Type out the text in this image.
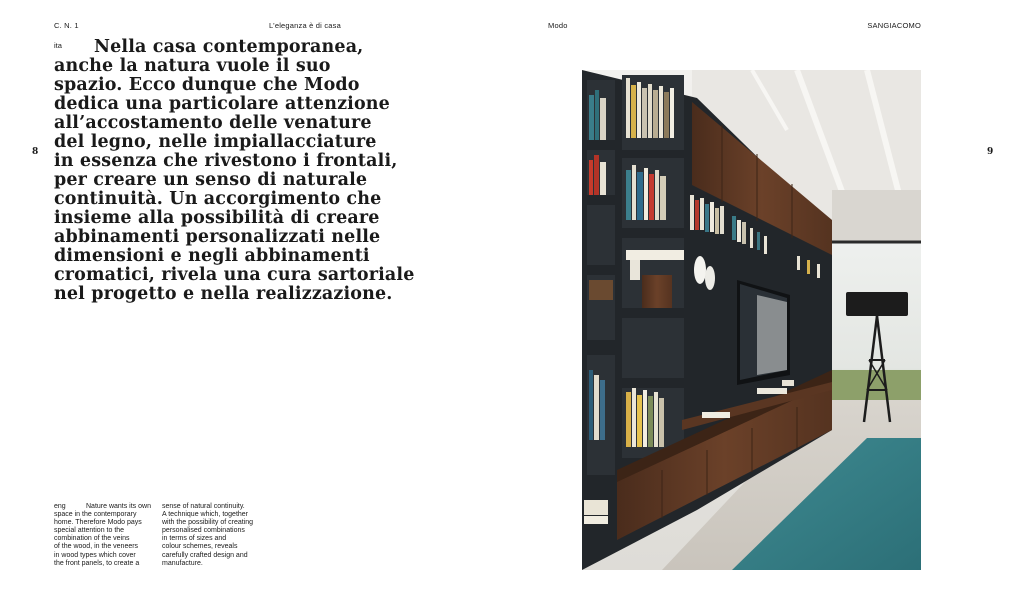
C. N. 1	L’eleganza è di casa	Modo	SANGIACOMO
8	9
ita	Nella casa contemporanea,
anche la natura vuole il suo
spazio. Ecco dunque che Modo
dedica una particolare attenzione
all’accostamento delle venature
del legno, nelle impiallacciature
in essenza che rivestono i frontali,
per creare un senso di naturale
continuità. Un accorgimento che
insieme alla possibilità di creare
abbinamenti personalizzati nelle
dimensioni e negli abbinamenti
cromatici, rivela una cura sartoriale
nel progetto e nella realizzazione.

eng	Nature wants its own
space in the contemporary
home. Therefore Modo pays
special attention to the
combination of the veins
of the wood, in the veneers
in wood types which cover
the front panels, to create a

sense of natural continuity.
A technique which, together
with the possibility of creating
personalised combinations
in terms of sizes and
colour schemes, reveals
carefully crafted design and
manufacture.
